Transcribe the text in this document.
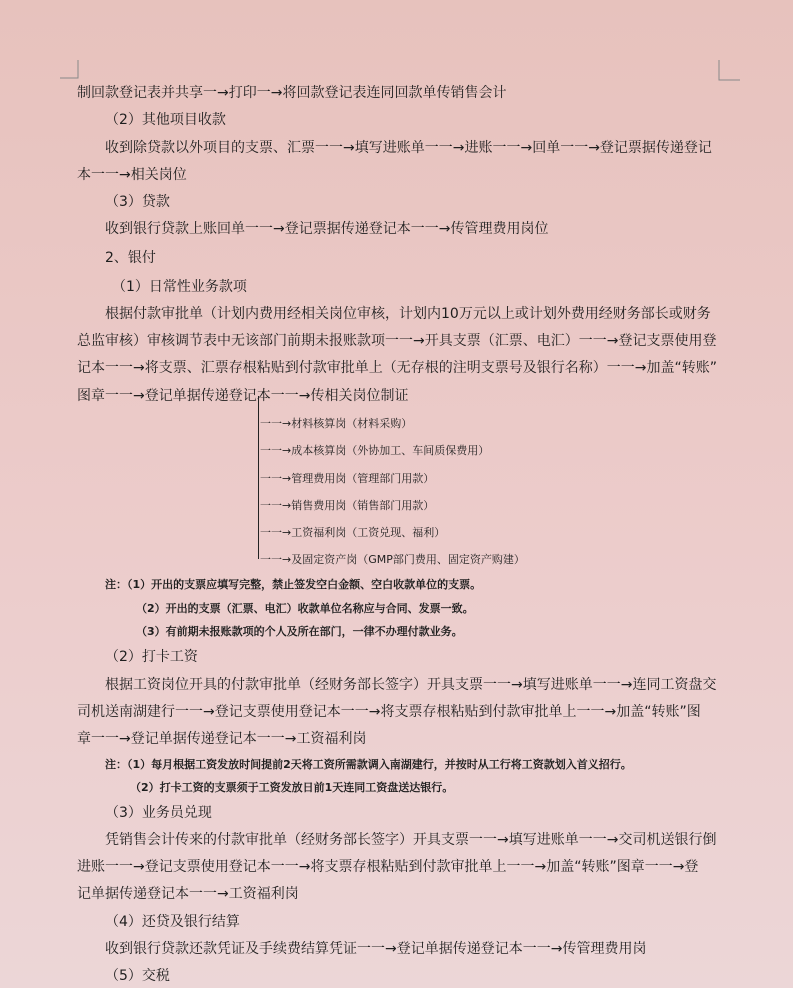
制回款登记表并共享一→打印一→将回款登记表连同回款单传销售会计
（2）其他项目收款
收到除贷款以外项目的支票、汇票一一→填写进账单一一→进账一一→回单一一→登记票据传递登记
本一一→相关岗位
（3）贷款
收到银行贷款上账回单一一→登记票据传递登记本一一→传管理费用岗位
2、银付
（1）日常性业务款项
根据付款审批单（计划内费用经相关岗位审核，计划内10万元以上或计划外费用经财务部长或财务
总监审核）审核调节表中无该部门前期未报账款项一一→开具支票（汇票、电汇）一一→登记支票使用登
记本一一→将支票、汇票存根粘贴到付款审批单上（无存根的注明支票号及银行名称）一一→加盖“转账”
图章一一→登记单据传递登记本一一→传相关岗位制证
一一→材料核算岗（材料采购）
一一→成本核算岗（外协加工、车间质保费用）
一一→管理费用岗（管理部门用款）
一一→销售费用岗（销售部门用款）
一一→工资福利岗（工资兑现、福利）
一一→及固定资产岗（GMP部门费用、固定资产购建）
注：（1）开出的支票应填写完整，禁止签发空白金额、空白收款单位的支票。
（2）开出的支票（汇票、电汇）收款单位名称应与合同、发票一致。
（3）有前期未报账款项的个人及所在部门，一律不办理付款业务。
（2）打卡工资
根据工资岗位开具的付款审批单（经财务部长签字）开具支票一一→填写进账单一一→连同工资盘交
司机送南湖建行一一→登记支票使用登记本一一→将支票存根粘贴到付款审批单上一一→加盖“转账”图
章一一→登记单据传递登记本一一→工资福利岗
注：（1）每月根据工资发放时间提前2天将工资所需款调入南湖建行，并按时从工行将工资款划入首义招行。
（2）打卡工资的支票须于工资发放日前1天连同工资盘送达银行。
（3）业务员兑现
凭销售会计传来的付款审批单（经财务部长签字）开具支票一一→填写进账单一一→交司机送银行倒
进账一一→登记支票使用登记本一一→将支票存根粘贴到付款审批单上一一→加盖“转账”图章一一→登
记单据传递登记本一一→工资福利岗
（4）还贷及银行结算
收到银行贷款还款凭证及手续费结算凭证一一→登记单据传递登记本一一→传管理费用岗
（5）交税
